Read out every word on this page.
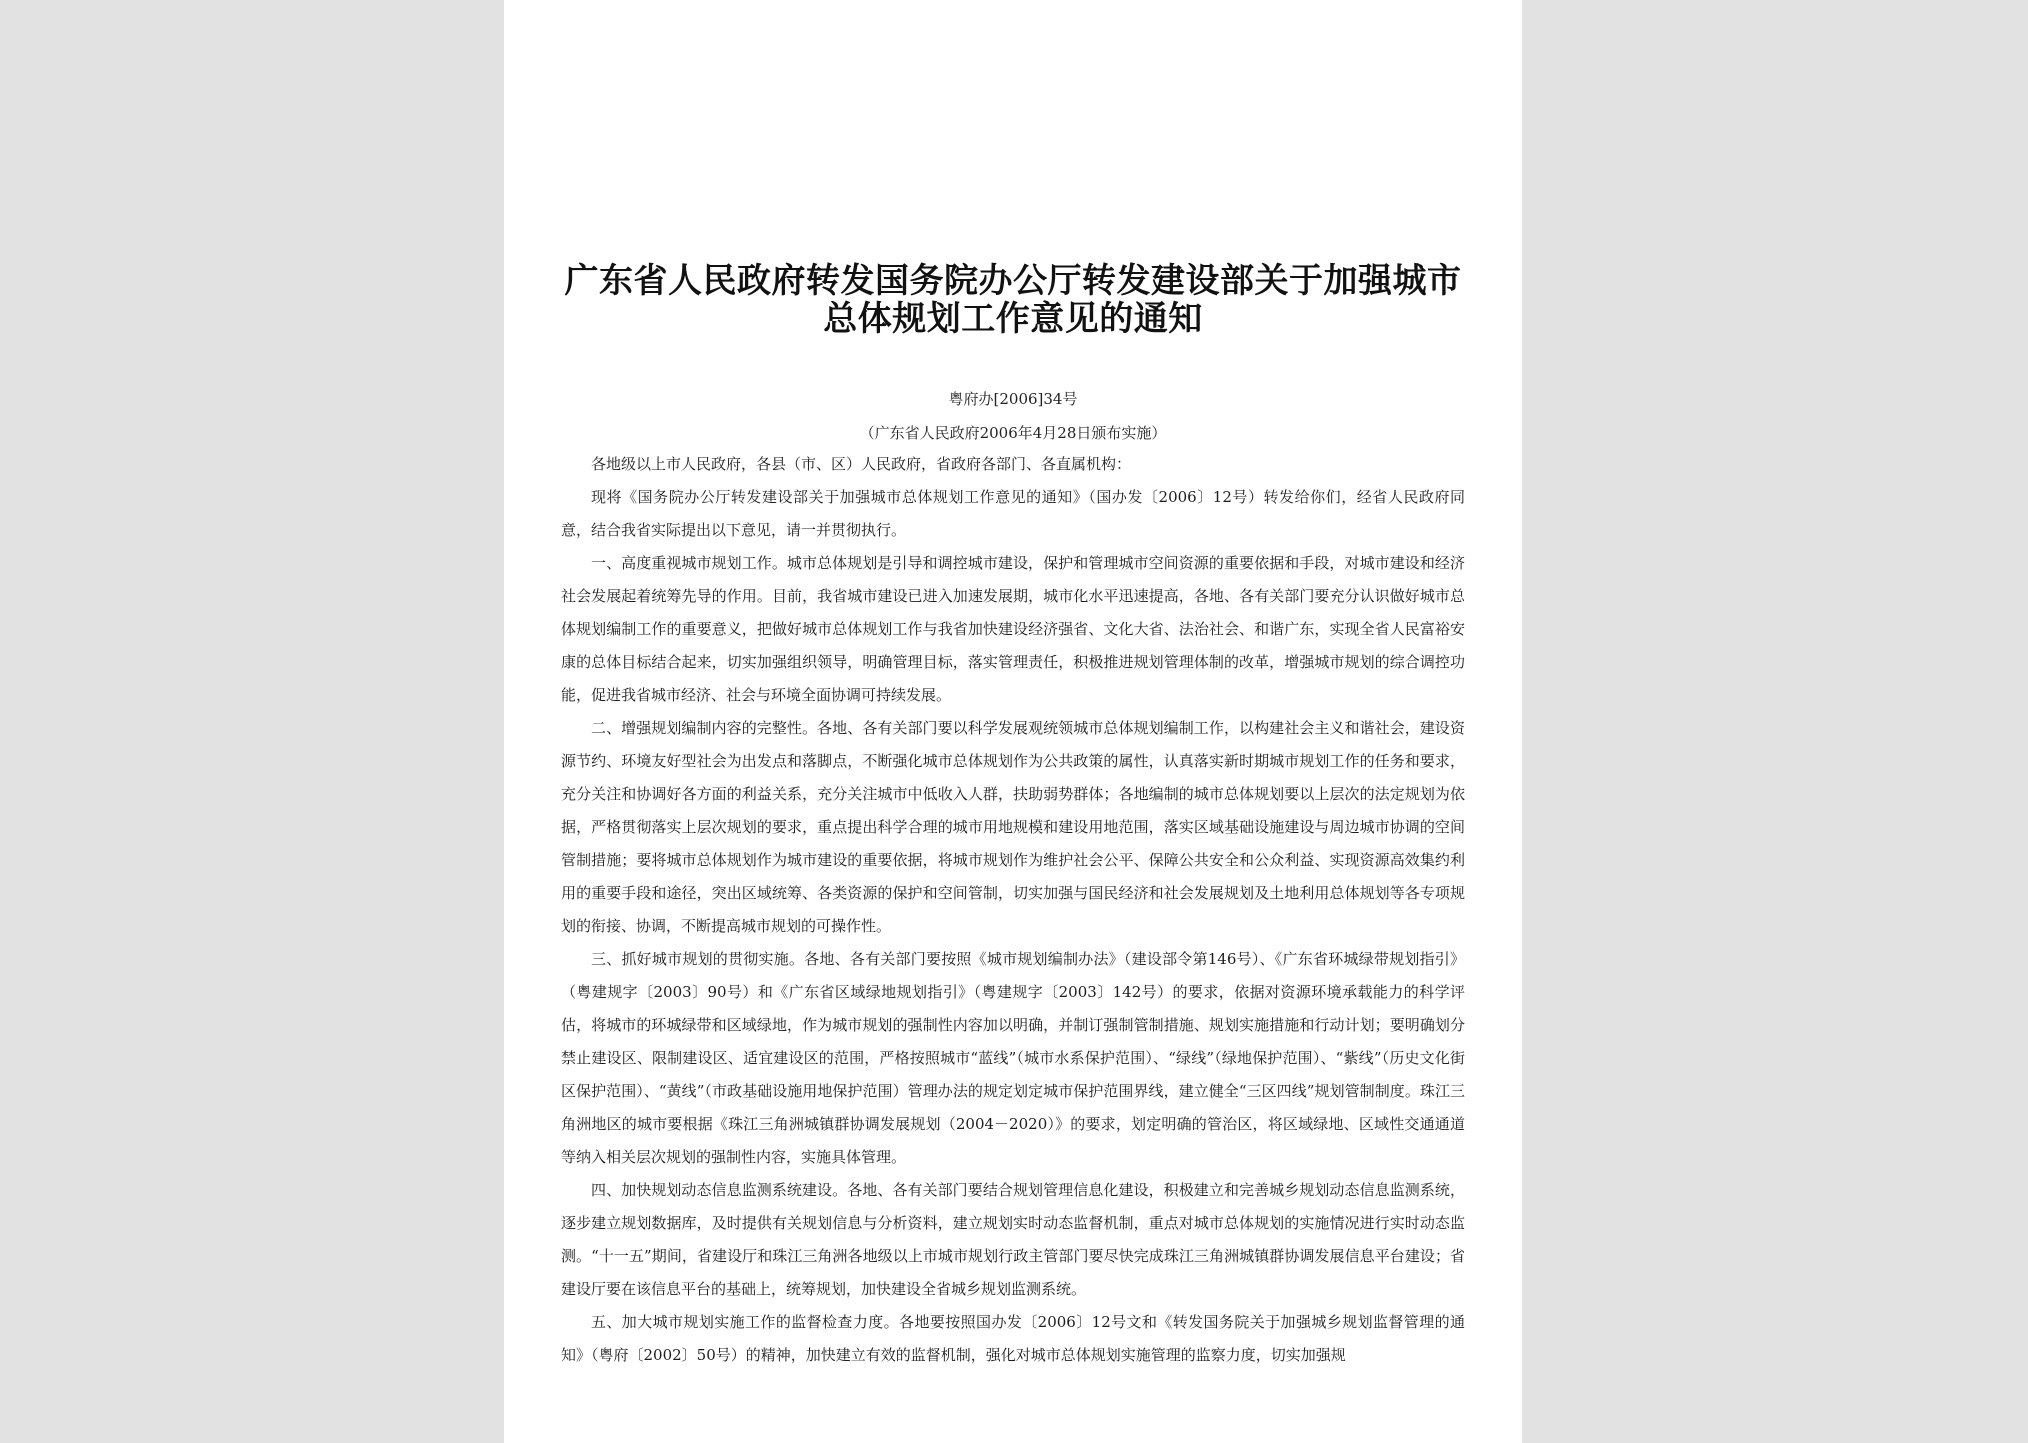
广东省人民政府转发国务院办公厅转发建设部关于加强城市总体规划工作意见的通知
粤府办[2006]34号
（广东省人民政府2006年4月28日颁布实施）

各地级以上市人民政府，各县（市、区）人民政府，省政府各部门、各直属机构：

现将《国务院办公厅转发建设部关于加强城市总体规划工作意见的通知》（国办发〔2006〕12号）转发给你们，经省人民政府同意，结合我省实际提出以下意见，请一并贯彻执行。

一、高度重视城市规划工作。城市总体规划是引导和调控城市建设，保护和管理城市空间资源的重要依据和手段，对城市建设和经济社会发展起着统筹先导的作用。目前，我省城市建设已进入加速发展期，城市化水平迅速提高，各地、各有关部门要充分认识做好城市总体规划编制工作的重要意义，把做好城市总体规划工作与我省加快建设经济强省、文化大省、法治社会、和谐广东，实现全省人民富裕安康的总体目标结合起来，切实加强组织领导，明确管理目标，落实管理责任，积极推进规划管理体制的改革，增强城市规划的综合调控功能，促进我省城市经济、社会与环境全面协调可持续发展。

二、增强规划编制内容的完整性。各地、各有关部门要以科学发展观统领城市总体规划编制工作，以构建社会主义和谐社会，建设资源节约、环境友好型社会为出发点和落脚点，不断强化城市总体规划作为公共政策的属性，认真落实新时期城市规划工作的任务和要求，充分关注和协调好各方面的利益关系，充分关注城市中低收入人群，扶助弱势群体；各地编制的城市总体规划要以上层次的法定规划为依据，严格贯彻落实上层次规划的要求，重点提出科学合理的城市用地规模和建设用地范围，落实区域基础设施建设与周边城市协调的空间管制措施；要将城市总体规划作为城市建设的重要依据，将城市规划作为维护社会公平、保障公共安全和公众利益、实现资源高效集约利用的重要手段和途径，突出区域统筹、各类资源的保护和空间管制，切实加强与国民经济和社会发展规划及土地利用总体规划等各专项规划的衔接、协调，不断提高城市规划的可操作性。

三、抓好城市规划的贯彻实施。各地、各有关部门要按照《城市规划编制办法》（建设部令第146号）、《广东省环城绿带规划指引》（粤建规字〔2003〕90号）和《广东省区域绿地规划指引》（粤建规字〔2003〕142号）的要求，依据对资源环境承载能力的科学评估，将城市的环城绿带和区域绿地，作为城市规划的强制性内容加以明确，并制订强制管制措施、规划实施措施和行动计划；要明确划分禁止建设区、限制建设区、适宜建设区的范围，严格按照城市“蓝线”（城市水系保护范围）、“绿线”（绿地保护范围）、“紫线”（历史文化街区保护范围）、“黄线”（市政基础设施用地保护范围）管理办法的规定划定城市保护范围界线，建立健全“三区四线”规划管制制度。珠江三角洲地区的城市要根据《珠江三角洲城镇群协调发展规划（2004－2020）》的要求，划定明确的管治区，将区域绿地、区域性交通通道等纳入相关层次规划的强制性内容，实施具体管理。

四、加快规划动态信息监测系统建设。各地、各有关部门要结合规划管理信息化建设，积极建立和完善城乡规划动态信息监测系统，逐步建立规划数据库，及时提供有关规划信息与分析资料，建立规划实时动态监督机制，重点对城市总体规划的实施情况进行实时动态监测。“十一五”期间，省建设厅和珠江三角洲各地级以上市城市规划行政主管部门要尽快完成珠江三角洲城镇群协调发展信息平台建设；省建设厅要在该信息平台的基础上，统筹规划，加快建设全省城乡规划监测系统。

五、加大城市规划实施工作的监督检查力度。各地要按照国办发〔2006〕12号文和《转发国务院关于加强城乡规划监督管理的通知》（粤府〔2002〕50号）的精神，加快建立有效的监督机制，强化对城市总体规划实施管理的监察力度，切实加强规
